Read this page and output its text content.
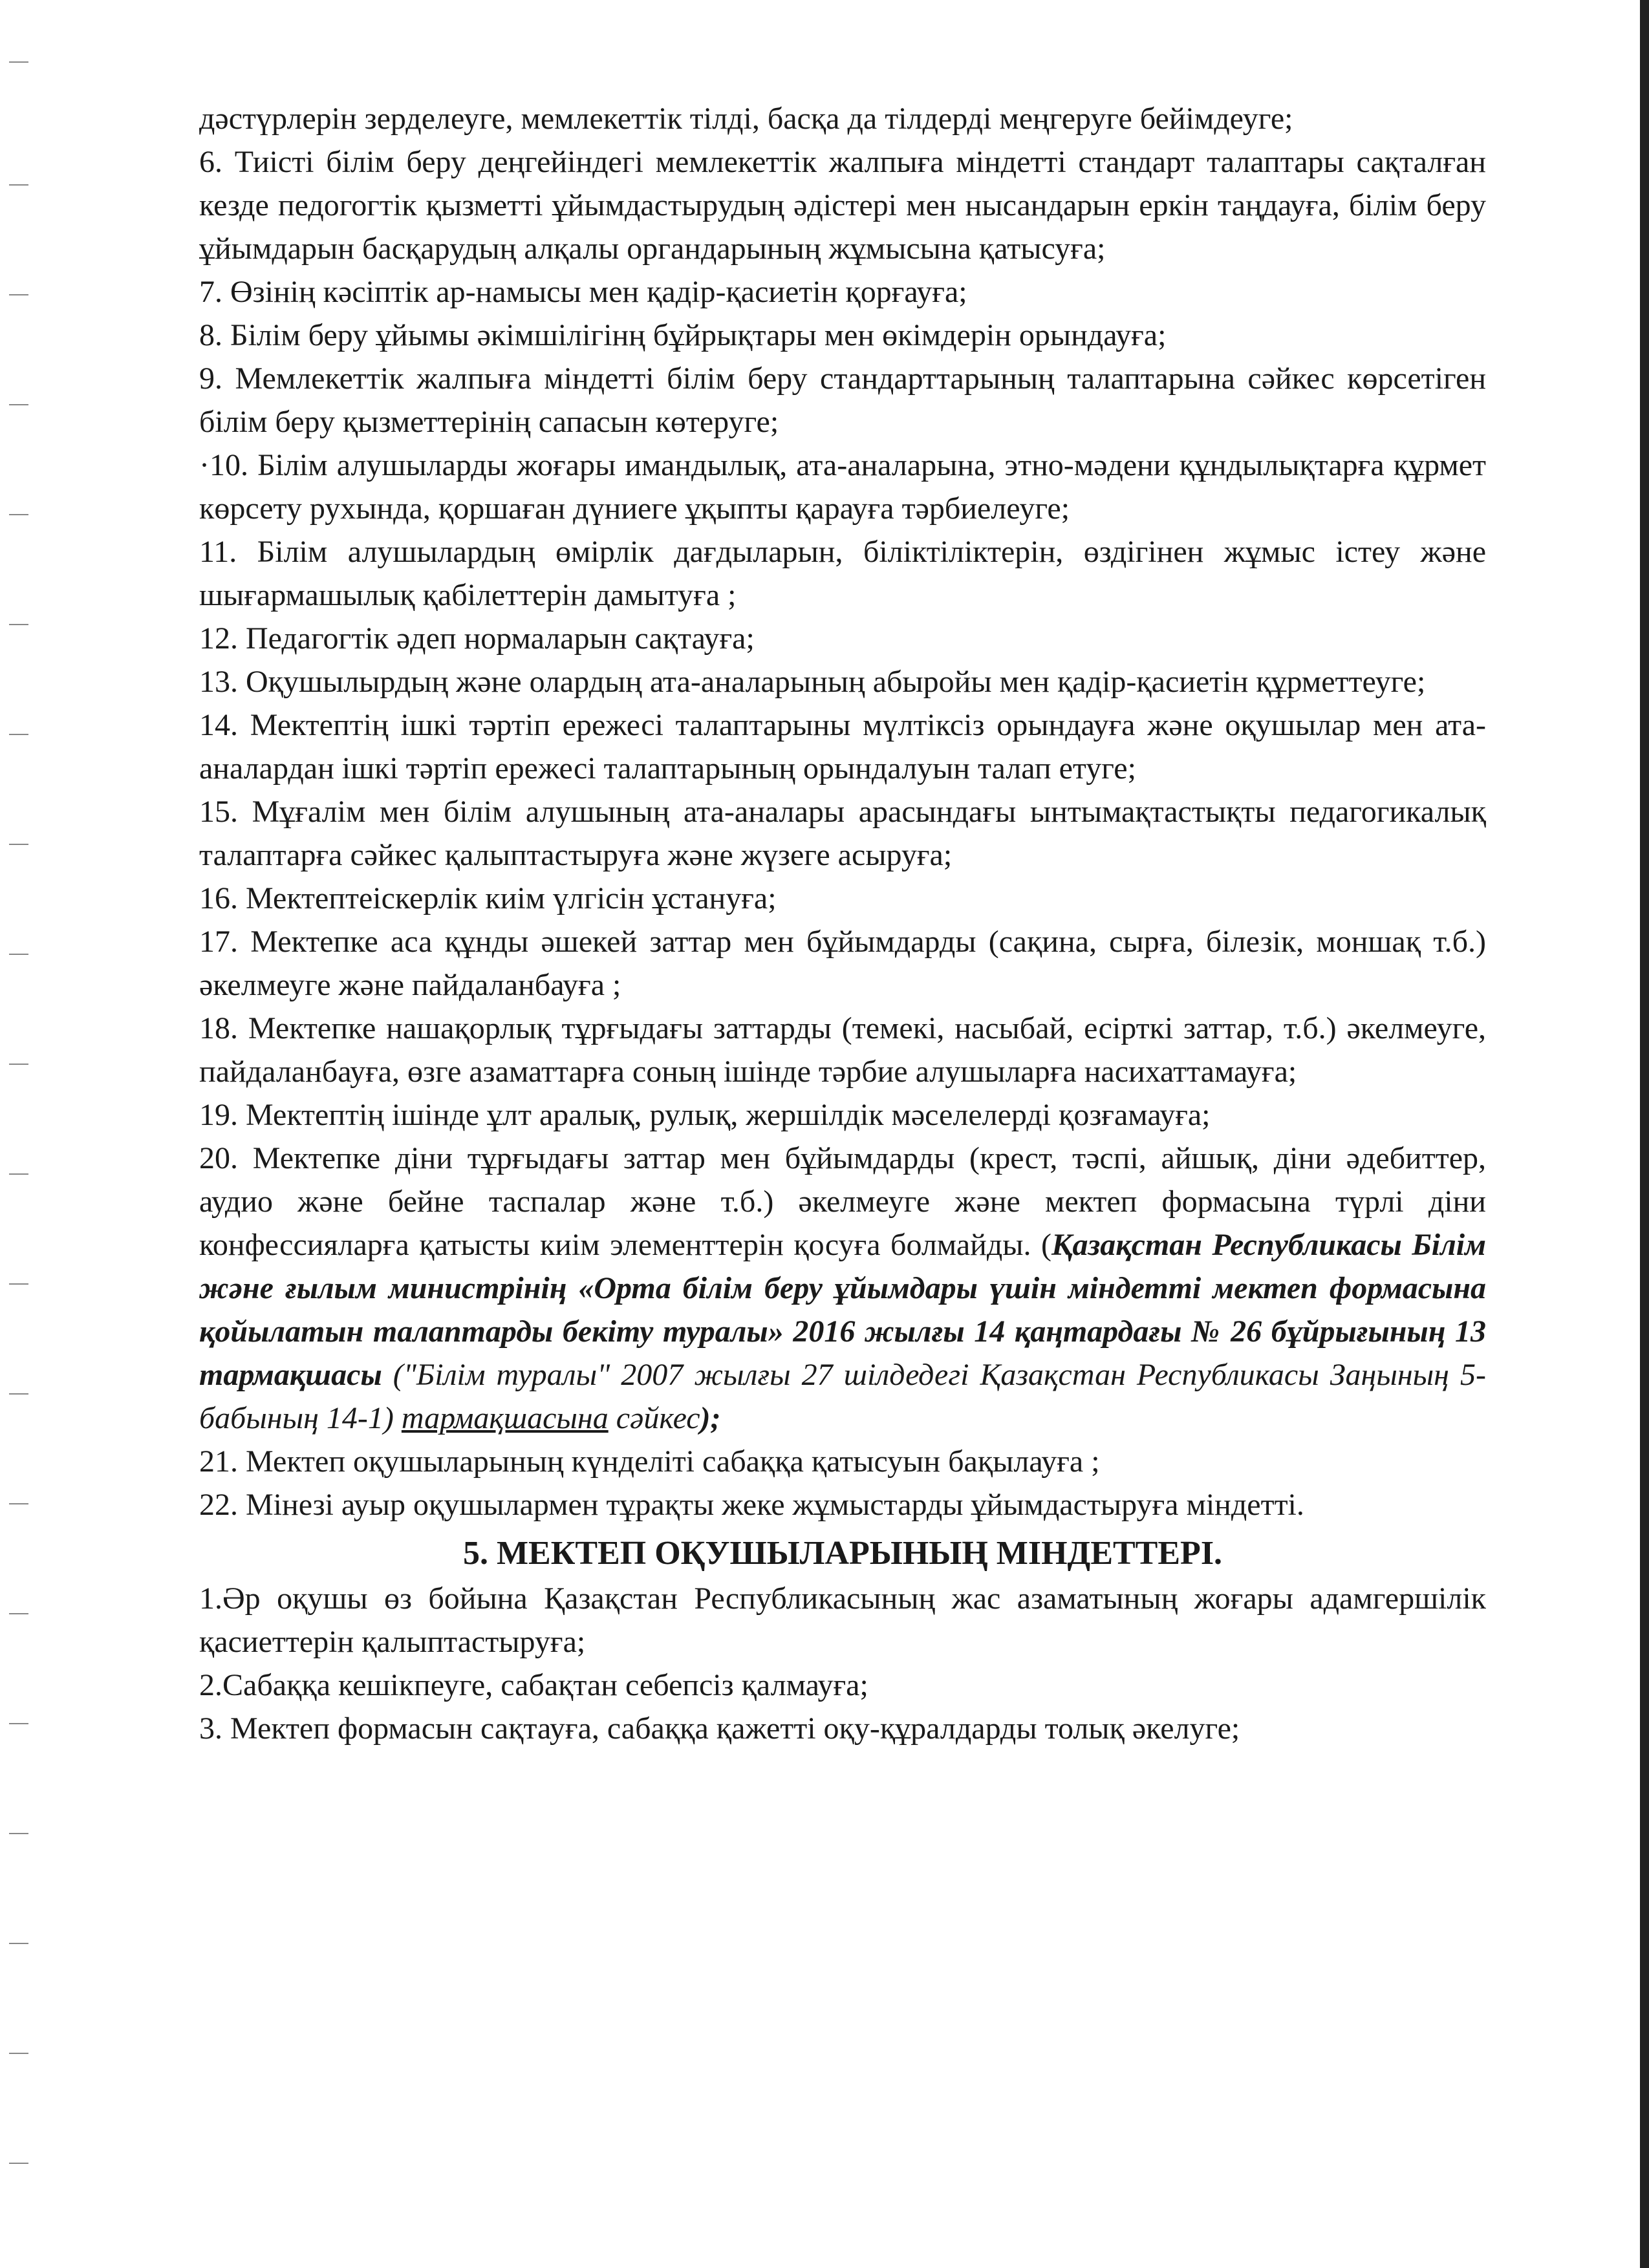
дәстүрлерін зерделеуге, мемлекеттік тілді, басқа да тілдерді меңгеруге бейімдеуге;

6. Тиісті білім беру деңгейіндегі мемлекеттік жалпыға міндетті стандарт талаптары сақталған кезде педогогтік қызметті ұйымдастырудың әдістері мен нысандарын еркін таңдауға, білім беру ұйымдарын басқарудың алқалы органдарының жұмысына қатысуға;

7. Өзінің кәсіптік ар-намысы мен қадір-қасиетін қорғауға;

8. Білім беру ұйымы әкімшілігінң бұйрықтары мен өкімдерін орындауға;

9. Мемлекеттік жалпыға міндетті білім беру стандарттарының талаптарына сәйкес көрсетіген білім беру қызметтерінің сапасын көтеруге;

·10. Білім алушыларды жоғары имандылық, ата-аналарына, этно-мәдени құндылықтарға құрмет көрсету рухында, қоршаған дүниеге ұқыпты қарауға тәрбиелеуге;

11. Білім алушылардың өмірлік дағдыларын, біліктіліктерін, өздігінен жұмыс істеу және шығармашылық қабілеттерін дамытуға ;

12. Педагогтік әдеп нормаларын сақтауға;

13. Оқушылырдың және олардың ата-аналарының абыройы мен қадір-қасиетін құрметтеуге;

14. Мектептің ішкі тәртіп ережесі талаптарыны мүлтіксіз орындауға және оқушылар мен ата-аналардан ішкі тәртіп ережесі талаптарының орындалуын талап етуге;

15. Мұғалім мен білім алушының ата-аналары арасындағы ынтымақтастықты педагогикалық талаптарға сәйкес қалыптастыруға және жүзеге асыруға;

16. Мектептеіскерлік киім үлгісін ұстануға;

17. Мектепке аса құнды әшекей заттар мен бұйымдарды (сақина, сырға, білезік, моншақ т.б.) әкелмеуге және пайдаланбауға ;

18. Мектепке нашақорлық тұрғыдағы заттарды (темекі, насыбай, есірткі заттар, т.б.) әкелмеуге, пайдаланбауға, өзге азаматтарға соның ішінде тәрбие алушыларға насихаттамауға;

19. Мектептің ішінде ұлт аралық, рулық, жершілдік мәселелерді қозғамауға;

20. Мектепке діни тұрғыдағы заттар мен бұйымдарды (крест, тәспі, айшық, діни әдебиттер, аудио және бейне таспалар және т.б.) әкелмеуге және мектеп формасына түрлі діни конфессияларға қатысты киім элементтерін қосуға болмайды. (Қазақстан Республикасы Білім және ғылым министрінің «Орта білім беру ұйымдары үшін міндетті мектеп формасына қойылатын талаптарды бекіту туралы» 2016 жылғы 14 қаңтардағы № 26 бұйрығының 13 тармақшасы ("Білім туралы" 2007 жылғы 27 шілдедегі Қазақстан Республикасы Заңының 5-бабының 14-1) тармақшасына сәйкес);

21. Мектеп оқушыларының күнделіті сабаққа қатысуын бақылауға ;

22. Мінезі ауыр оқушылармен тұрақты жеке жұмыстарды ұйымдастыруға міндетті.

5. МЕКТЕП ОҚУШЫЛАРЫНЫҢ МІНДЕТТЕРІ.

1.Әр оқушы өз бойына Қазақстан Республикасының жас азаматының жоғары адамгершілік қасиеттерін қалыптастыруға;

2.Сабаққа кешікпеуге, сабақтан себепсіз қалмауға;

3. Мектеп формасын сақтауға, сабаққа қажетті оқу-құралдарды толық әкелуге;
